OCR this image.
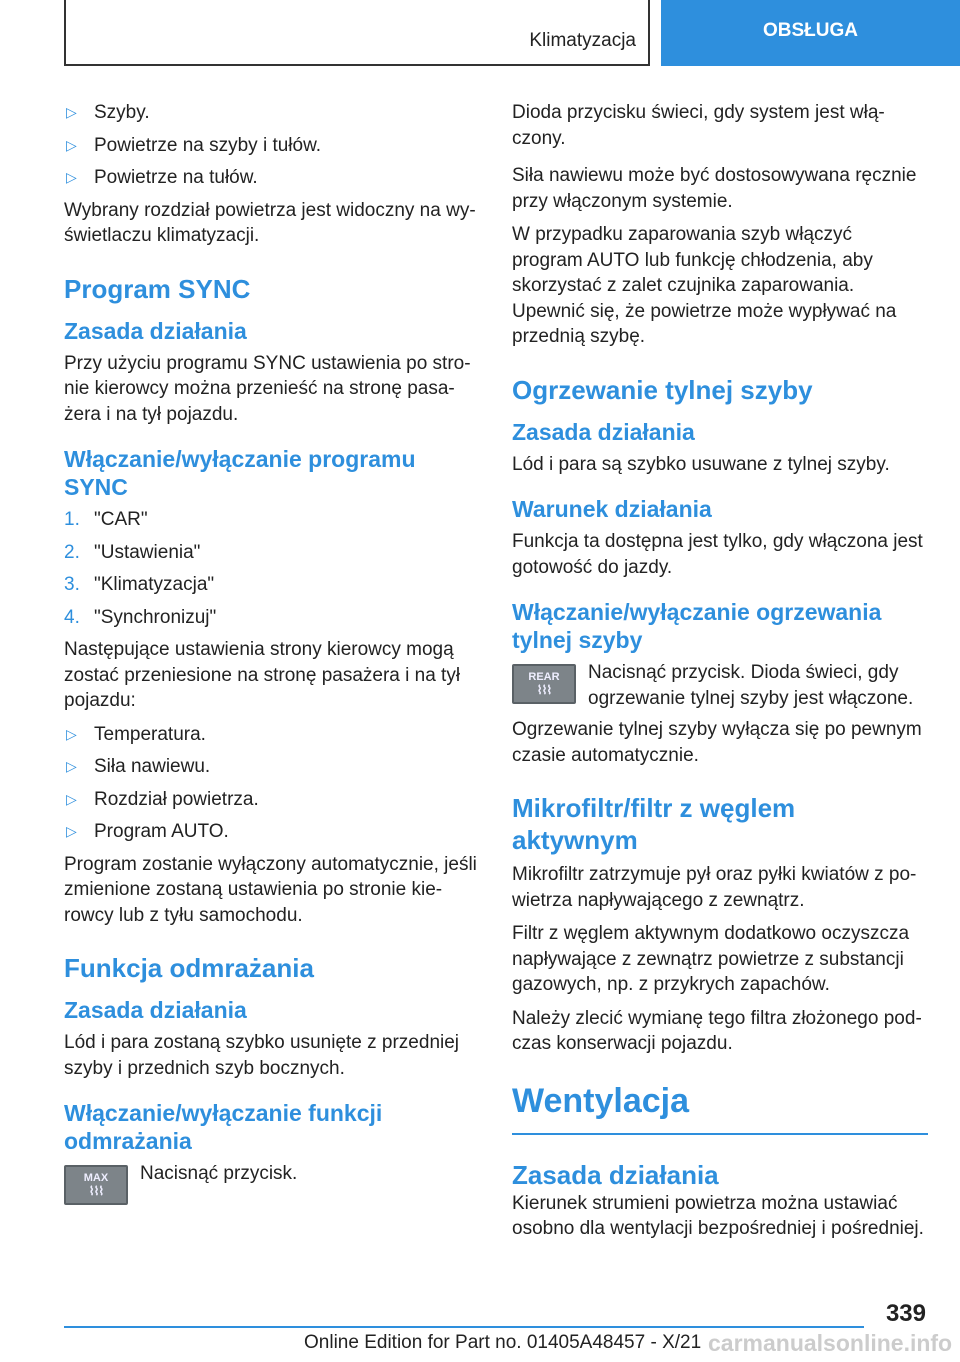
Klimatyzacja	OBSŁUGA
▷ Szyby.
▷ Powietrze na szyby i tułów.
▷ Powietrze na tułów.
Wybrany rozdział powietrza jest widoczny na wyświetlaczu klimatyzacji.
Program SYNC
Zasada działania
Przy użyciu programu SYNC ustawienia po stronie kierowcy można przenieść na stronę pasażera i na tył pojazdu.
Włączanie/wyłączanie programu SYNC
1. "CAR"
2. "Ustawienia"
3. "Klimatyzacja"
4. "Synchronizuj"
Następujące ustawienia strony kierowcy mogą zostać przeniesione na stronę pasażera i na tył pojazdu:
▷ Temperatura.
▷ Siła nawiewu.
▷ Rozdział powietrza.
▷ Program AUTO.
Program zostanie wyłączony automatycznie, jeśli zmienione zostaną ustawienia po stronie kierowcy lub z tyłu samochodu.
Funkcja odmrażania
Zasada działania
Lód i para zostaną szybko usunięte z przedniej szyby i przednich szyb bocznych.
Włączanie/wyłączanie funkcji odmrażania
MAX
⌇⌇⌇
Nacisnąć przycisk.
Dioda przycisku świeci, gdy system jest włączony.
Siła nawiewu może być dostosowywana ręcznie przy włączonym systemie.
W przypadku zaparowania szyb włączyć program AUTO lub funkcję chłodzenia, aby skorzystać z zalet czujnika zaparowania. Upewnić się, że powietrze może wypływać na przednią szybę.
Ogrzewanie tylnej szyby
Zasada działania
Lód i para są szybko usuwane z tylnej szyby.
Warunek działania
Funkcja ta dostępna jest tylko, gdy włączona jest gotowość do jazdy.
Włączanie/wyłączanie ogrzewania tylnej szyby
REAR
⌇⌇⌇
Nacisnąć przycisk. Dioda świeci, gdy ogrzewanie tylnej szyby jest włączone.
Ogrzewanie tylnej szyby wyłącza się po pewnym czasie automatycznie.
Mikrofiltr/filtr z węglem aktywnym
Mikrofiltr zatrzymuje pył oraz pyłki kwiatów z powietrza napływającego z zewnątrz.
Filtr z węglem aktywnym dodatkowo oczyszcza napływające z zewnątrz powietrze z substancji gazowych, np. z przykrych zapachów.
Należy zlecić wymianę tego filtra złożonego podczas konserwacji pojazdu.
Wentylacja
Zasada działania
Kierunek strumieni powietrza można ustawiać osobno dla wentylacji bezpośredniej i pośredniej.
339
Online Edition for Part no. 01405A48457 - X/21 carmanualsonline.info
